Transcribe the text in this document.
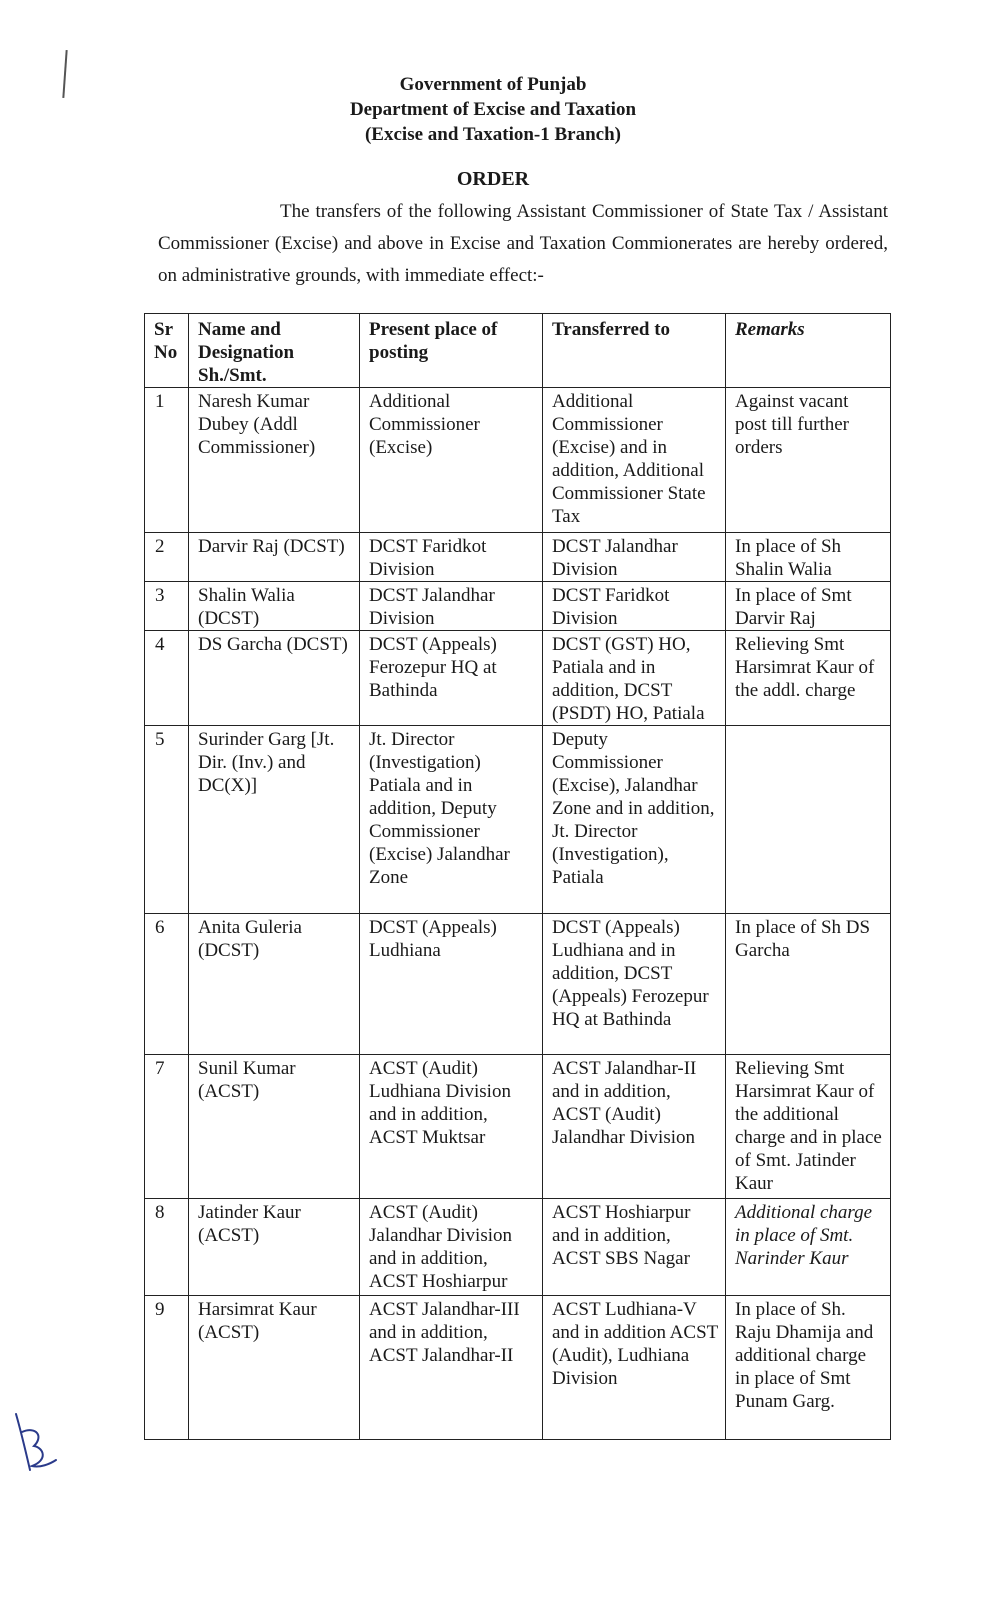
Government of Punjab
Department of Excise and Taxation
(Excise and Taxation-1 Branch)
ORDER
The transfers of the following Assistant Commissioner of State Tax / Assistant Commissioner (Excise) and above in Excise and Taxation Commionerates are hereby ordered, on administrative grounds, with immediate effect:-
Sr No	Name and Designation Sh./Smt.	Present place of posting	Transferred to	Remarks
1	Naresh Kumar Dubey (Addl Commissioner)	Additional Commissioner (Excise)	Additional Commissioner (Excise) and in addition, Additional Commissioner State Tax	Against vacant post till further orders
2	Darvir Raj (DCST)	DCST Faridkot Division	DCST Jalandhar Division	In place of Sh Shalin Walia
3	Shalin Walia (DCST)	DCST Jalandhar Division	DCST Faridkot Division	In place of Smt Darvir Raj
4	DS Garcha (DCST)	DCST (Appeals) Ferozepur HQ at Bathinda	DCST (GST) HO, Patiala and in addition, DCST (PSDT) HO, Patiala	Relieving Smt Harsimrat Kaur of the addl. charge
5	Surinder Garg [Jt. Dir. (Inv.) and DC(X)]	Jt. Director (Investigation) Patiala and in addition, Deputy Commissioner (Excise) Jalandhar Zone	Deputy Commissioner (Excise), Jalandhar Zone and in addition, Jt. Director (Investigation), Patiala	
6	Anita Guleria (DCST)	DCST (Appeals) Ludhiana	DCST (Appeals) Ludhiana and in addition, DCST (Appeals) Ferozepur HQ at Bathinda	In place of Sh DS Garcha
7	Sunil Kumar (ACST)	ACST (Audit) Ludhiana Division and in addition, ACST Muktsar	ACST Jalandhar-II and in addition, ACST (Audit) Jalandhar Division	Relieving Smt Harsimrat Kaur of the additional charge and in place of Smt. Jatinder Kaur
8	Jatinder Kaur (ACST)	ACST (Audit) Jalandhar Division and in addition, ACST Hoshiarpur	ACST Hoshiarpur and in addition, ACST SBS Nagar	Additional charge in place of Smt. Narinder Kaur
9	Harsimrat Kaur (ACST)	ACST Jalandhar-III and in addition, ACST Jalandhar-II	ACST Ludhiana-V and in addition ACST (Audit), Ludhiana Division	In place of Sh. Raju Dhamija and additional charge in place of Smt Punam Garg.
